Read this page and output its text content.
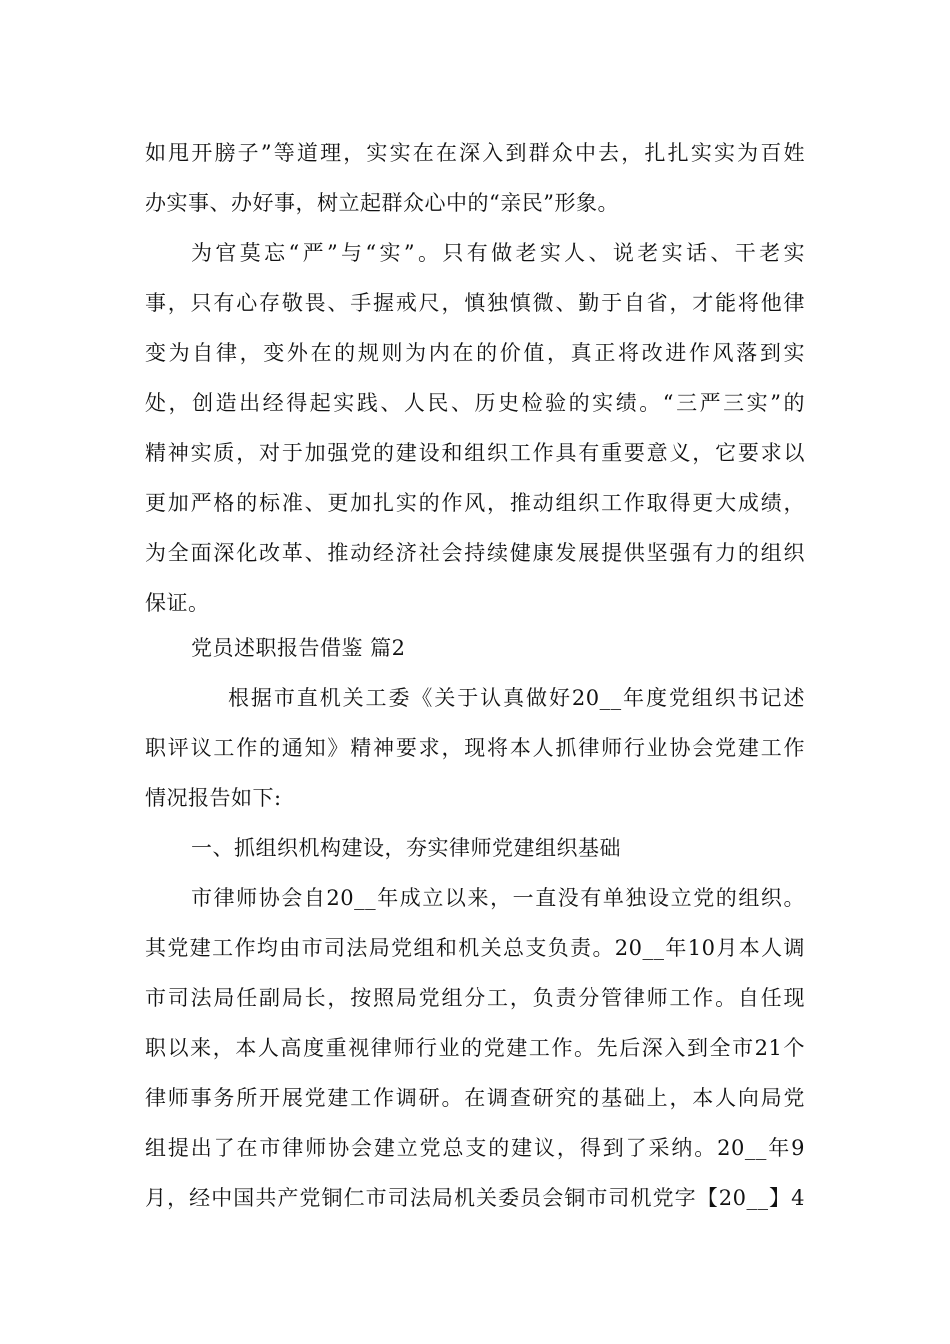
如甩开膀子”等道理，实实在在深入到群众中去，扎扎实实为百姓
办实事、办好事，树立起群众心中的“亲民”形象。
为官莫忘“严”与“实”。只有做老实人、说老实话、干老实
事，只有心存敬畏、手握戒尺，慎独慎微、勤于自省，才能将他律
变为自律，变外在的规则为内在的价值，真正将改进作风落到实
处，创造出经得起实践、人民、历史检验的实绩。“三严三实”的
精神实质，对于加强党的建设和组织工作具有重要意义，它要求以
更加严格的标准、更加扎实的作风，推动组织工作取得更大成绩，
为全面深化改革、推动经济社会持续健康发展提供坚强有力的组织
保证。
党员述职报告借鉴 篇2
根据市直机关工委《关于认真做好20__年度党组织书记述
职评议工作的通知》精神要求，现将本人抓律师行业协会党建工作
情况报告如下:
一、抓组织机构建设，夯实律师党建组织基础
市律师协会自20__年成立以来，一直没有单独设立党的组织。
其党建工作均由市司法局党组和机关总支负责。20__年10月本人调
市司法局任副局长，按照局党组分工，负责分管律师工作。自任现
职以来，本人高度重视律师行业的党建工作。先后深入到全市21个
律师事务所开展党建工作调研。在调查研究的基础上，本人向局党
组提出了在市律师协会建立党总支的建议，得到了采纳。20__年9
月，经中国共产党铜仁市司法局机关委员会铜市司机党字【20__】4
